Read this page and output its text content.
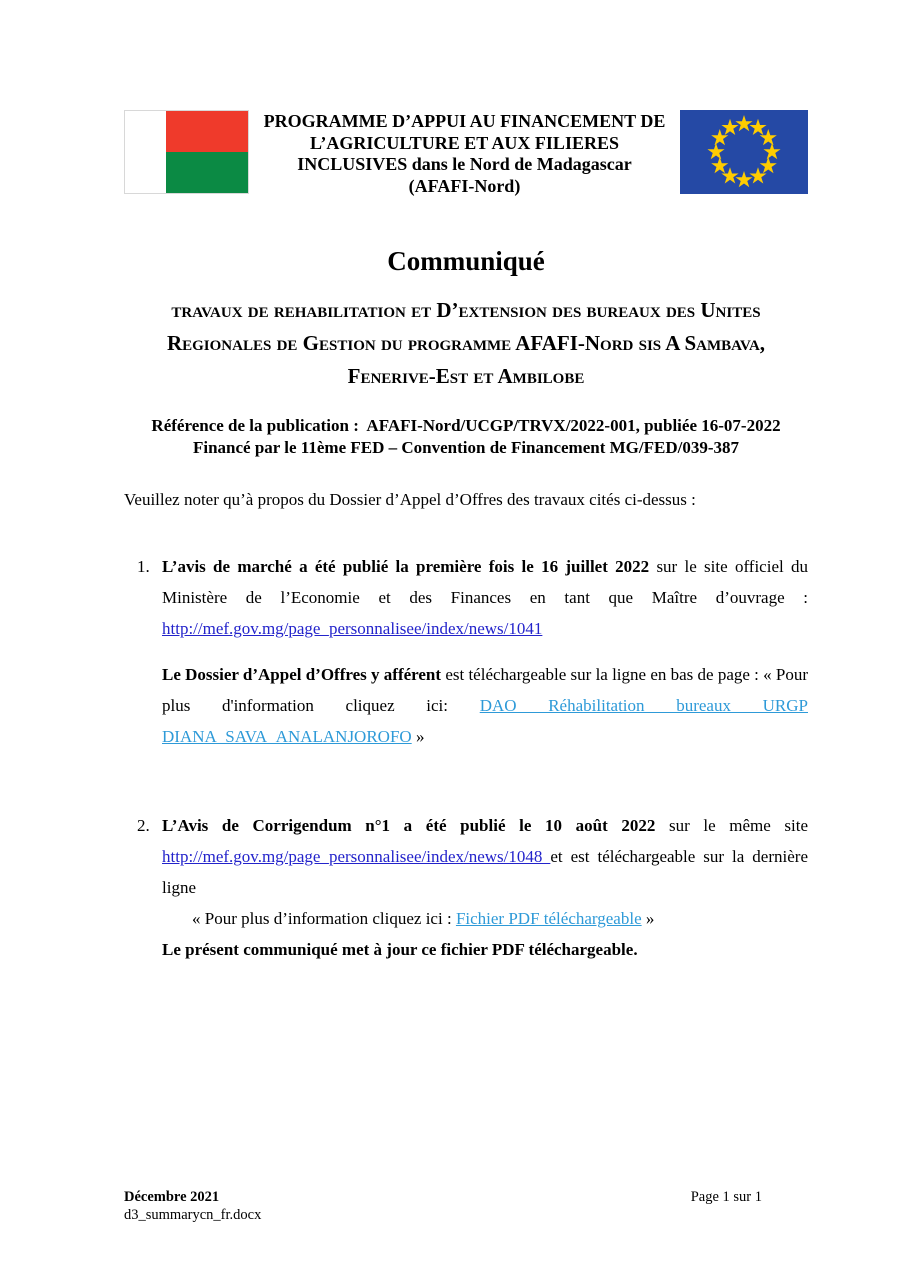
PROGRAMME D’APPUI AU FINANCEMENT DE
L’AGRICULTURE ET AUX FILIERES
INCLUSIVES dans le Nord de Madagascar
(AFAFI-Nord)
Communiqué
travaux de rehabilitation et D’extension des bureaux des Unites Regionales de Gestion du programme AFAFI-Nord sis A Sambava, Fenerive-Est et Ambilobe
Référence de la publication :  AFAFI-Nord/UCGP/TRVX/2022-001, publiée 16-07-2022
Financé par le 11ème FED – Convention de Financement MG/FED/039-387
Veuillez noter qu’à propos du Dossier d’Appel d’Offres des travaux cités ci-dessus :
1. L’avis de marché a été publié la première fois le 16 juillet 2022 sur le site officiel du Ministère de l’Economie et des Finances en tant que Maître d’ouvrage : http://mef.gov.mg/page_personnalisee/index/news/1041
Le Dossier d’Appel d’Offres y afférent est téléchargeable sur la ligne en bas de page : « Pour plus d'information cliquez ici: DAO Réhabilitation bureaux URGP DIANA_SAVA_ANALANJOROFO »
2. L’Avis de Corrigendum n°1 a été publié le 10 août 2022 sur le même site http://mef.gov.mg/page_personnalisee/index/news/1048 et est téléchargeable sur la dernière ligne
« Pour plus d’information cliquez ici : Fichier PDF téléchargeable »
Le présent communiqué met à jour ce fichier PDF téléchargeable.
Décembre 2021
d3_summarycn_fr.docx
Page 1 sur 1
